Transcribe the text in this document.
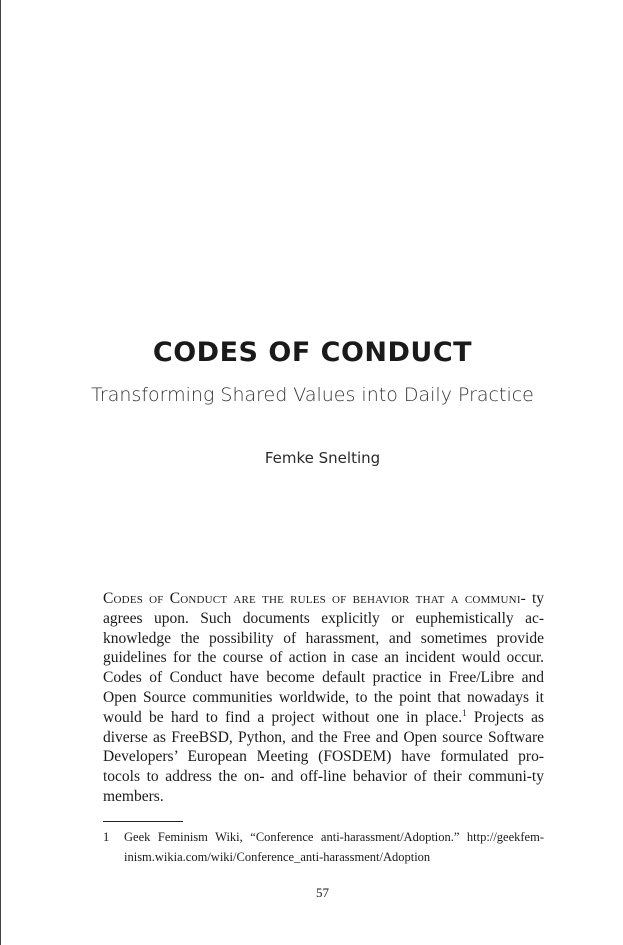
CODES OF CONDUCT
Transforming Shared Values into Daily Practice
Femke Snelting
Codes of Conduct are the rules of behavior that a communi- ty agrees upon. Such documents explicitly or euphemistically ac-knowledge the possibility of harassment, and sometimes provide guidelines for the course of action in case an incident would occur. Codes of Conduct have become default practice in Free/Libre and Open Source communities worldwide, to the point that nowadays it would be hard to find a project without one in place.$^1$ Projects as diverse as FreeBSD, Python, and the Free and Open source Software Developers’ European Meeting (FOSDEM) have formulated pro-tocols to address the on- and off-line behavior of their communi-ty members.
1 Geek Feminism Wiki, “Conference anti-harassment/Adoption.” http://geekfem-inism.wikia.com/wiki/Conference_anti-harassment/Adoption
57
